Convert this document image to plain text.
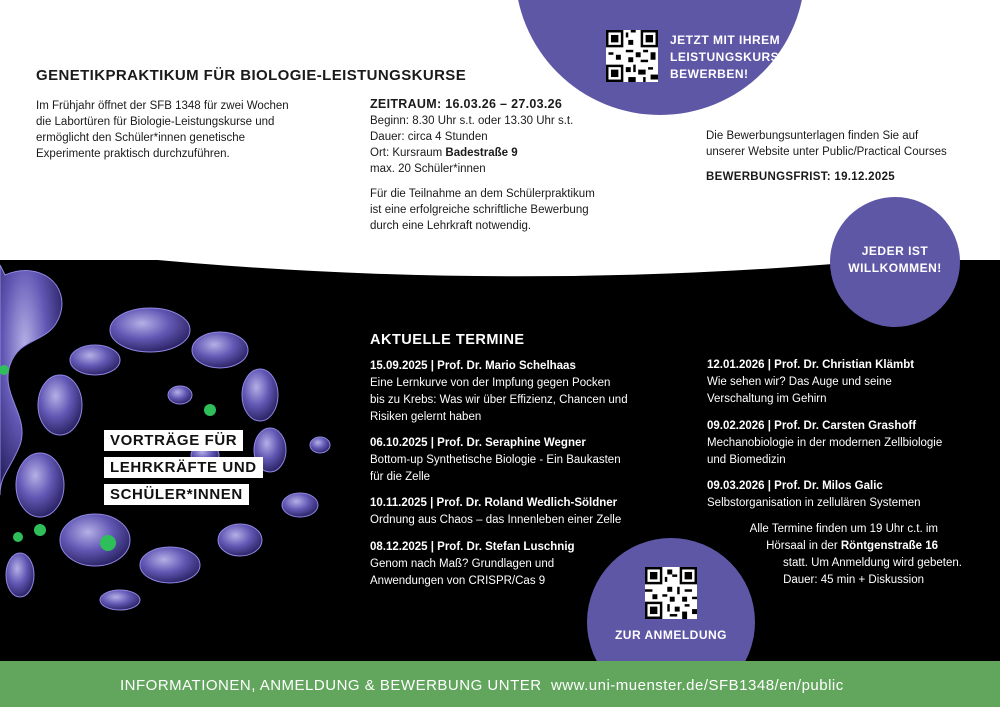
JETZT MIT IHREM
LEISTUNGSKURS
BEWERBEN!
GENETIKPRAKTIKUM FÜR BIOLOGIE-LEISTUNGSKURSE
Im Frühjahr öffnet der SFB 1348 für zwei Wochen
die Labortüren für Biologie-Leistungskurse und
ermöglicht den Schüler*innen genetische
Experimente praktisch durchzuführen.
ZEITRAUM: 16.03.26 – 27.03.26
Beginn: 8.30 Uhr s.t. oder 13.30 Uhr s.t.
Dauer: circa 4 Stunden
Ort: Kursraum Badestraße 9
max. 20 Schüler*innen
Für die Teilnahme an dem Schülerpraktikum
ist eine erfolgreiche schriftliche Bewerbung
durch eine Lehrkraft notwendig.
Die Bewerbungsunterlagen finden Sie auf
unserer Website unter Public/Practical Courses
BEWERBUNGSFRIST: 19.12.2025
JEDER IST
WILLKOMMEN!
VORTRÄGE FÜR
LEHRKRÄFTE UND
SCHÜLER*INNEN
AKTUELLE TERMINE
15.09.2025 | Prof. Dr. Mario Schelhaas
Eine Lernkurve von der Impfung gegen Pocken
bis zu Krebs: Was wir über Effizienz, Chancen und
Risiken gelernt haben
06.10.2025 | Prof. Dr. Seraphine Wegner
Bottom-up Synthetische Biologie - Ein Baukasten
für die Zelle
10.11.2025 | Prof. Dr. Roland Wedlich-Söldner
Ordnung aus Chaos – das Innenleben einer Zelle
08.12.2025 | Prof. Dr. Stefan Luschnig
Genom nach Maß? Grundlagen und
Anwendungen von CRISPR/Cas 9
12.01.2026 | Prof. Dr. Christian Klämbt
Wie sehen wir? Das Auge und seine
Verschaltung im Gehirn
09.02.2026 | Prof. Dr. Carsten Grashoff
Mechanobiologie in der modernen Zellbiologie
und Biomedizin
09.03.2026 | Prof. Dr. Milos Galic
Selbstorganisation in zellulären Systemen
Alle Termine finden um 19 Uhr c.t. im
Hörsaal in der Röntgenstraße 16
statt. Um Anmeldung wird gebeten.
Dauer: 45 min + Diskussion
ZUR ANMELDUNG
INFORMATIONEN, ANMELDUNG & BEWERBUNG UNTER www.uni-muenster.de/SFB1348/en/public
